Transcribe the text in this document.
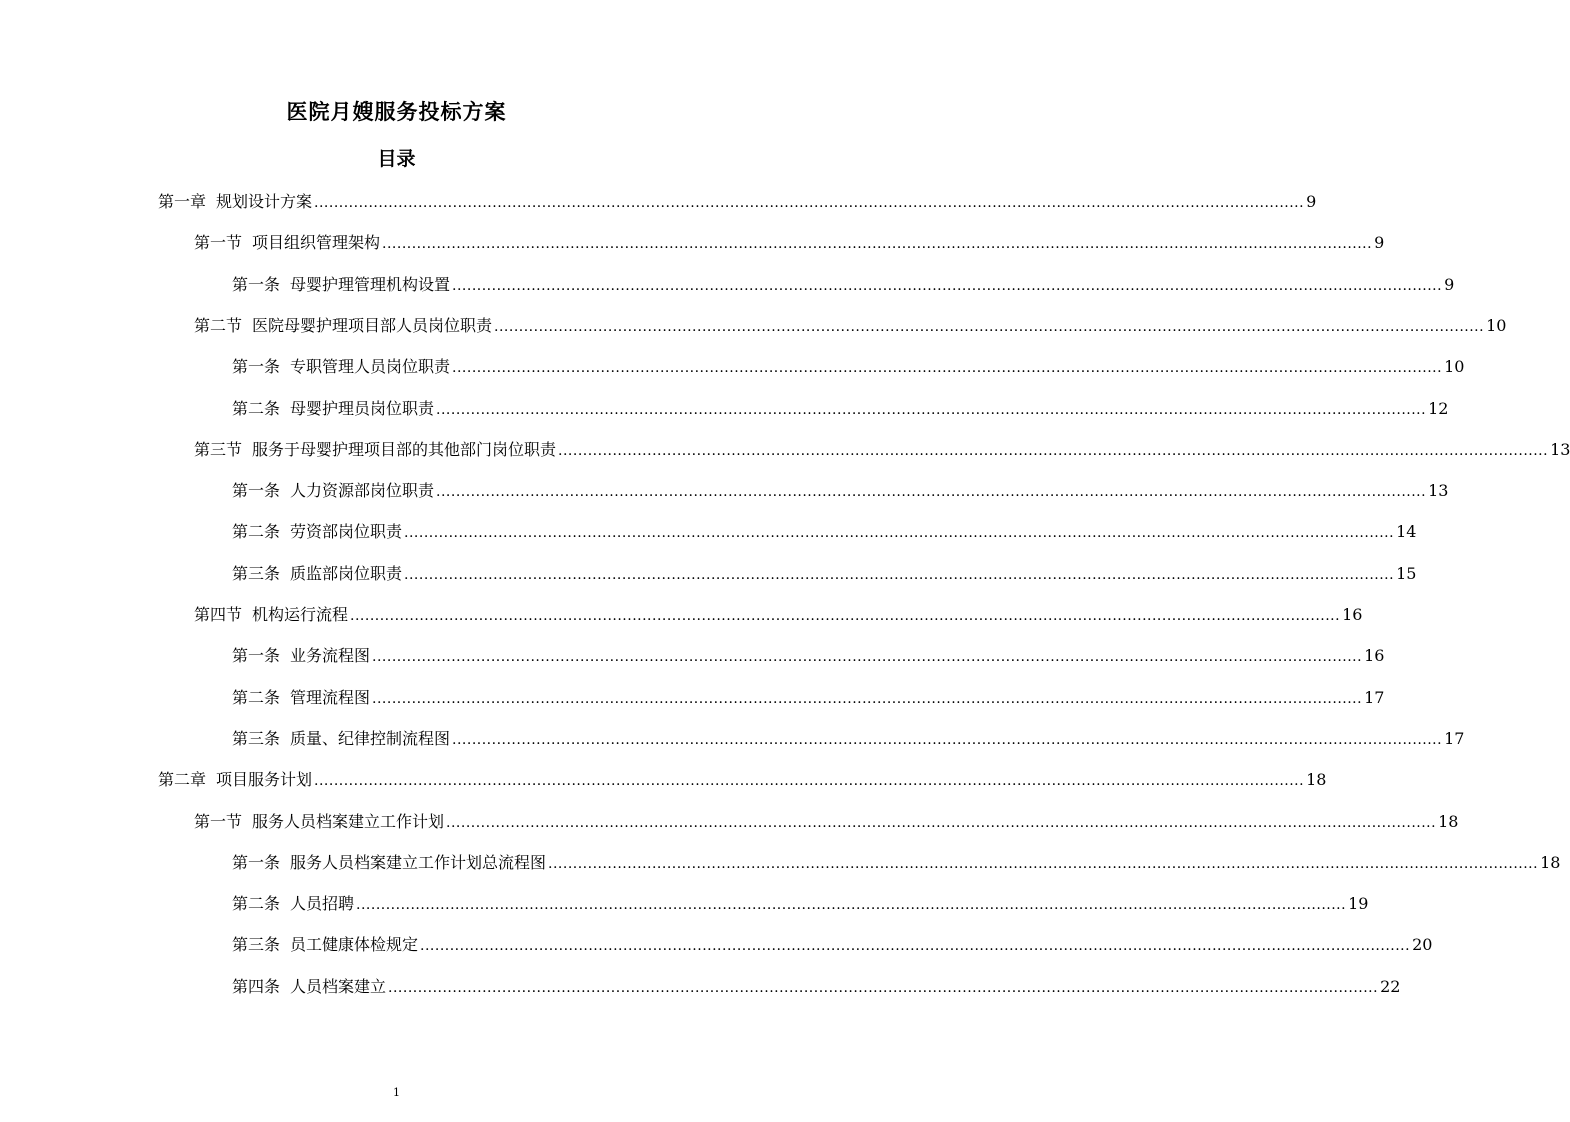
医院月嫂服务投标方案
目录
第一章 规划设计方案 ........................................................................................................................................................................................................ 9
第一节 项目组织管理架构 ........................................................................................................................................................................................................ 9
第一条 母婴护理管理机构设置 ........................................................................................................................................................................................................ 9
第二节 医院母婴护理项目部人员岗位职责 ........................................................................................................................................................................................................ 10
第一条 专职管理人员岗位职责 ........................................................................................................................................................................................................ 10
第二条 母婴护理员岗位职责 ........................................................................................................................................................................................................ 12
第三节 服务于母婴护理项目部的其他部门岗位职责 ........................................................................................................................................................................................................ 13
第一条 人力资源部岗位职责 ........................................................................................................................................................................................................ 13
第二条 劳资部岗位职责 ........................................................................................................................................................................................................ 14
第三条 质监部岗位职责 ........................................................................................................................................................................................................ 15
第四节 机构运行流程 ........................................................................................................................................................................................................ 16
第一条 业务流程图 ........................................................................................................................................................................................................ 16
第二条 管理流程图 ........................................................................................................................................................................................................ 17
第三条 质量、纪律控制流程图 ........................................................................................................................................................................................................ 17
第二章 项目服务计划 ........................................................................................................................................................................................................ 18
第一节 服务人员档案建立工作计划 ........................................................................................................................................................................................................ 18
第一条 服务人员档案建立工作计划总流程图 ........................................................................................................................................................................................................ 18
第二条 人员招聘 ........................................................................................................................................................................................................ 19
第三条 员工健康体检规定 ........................................................................................................................................................................................................ 20
第四条 人员档案建立 ........................................................................................................................................................................................................ 22
1
